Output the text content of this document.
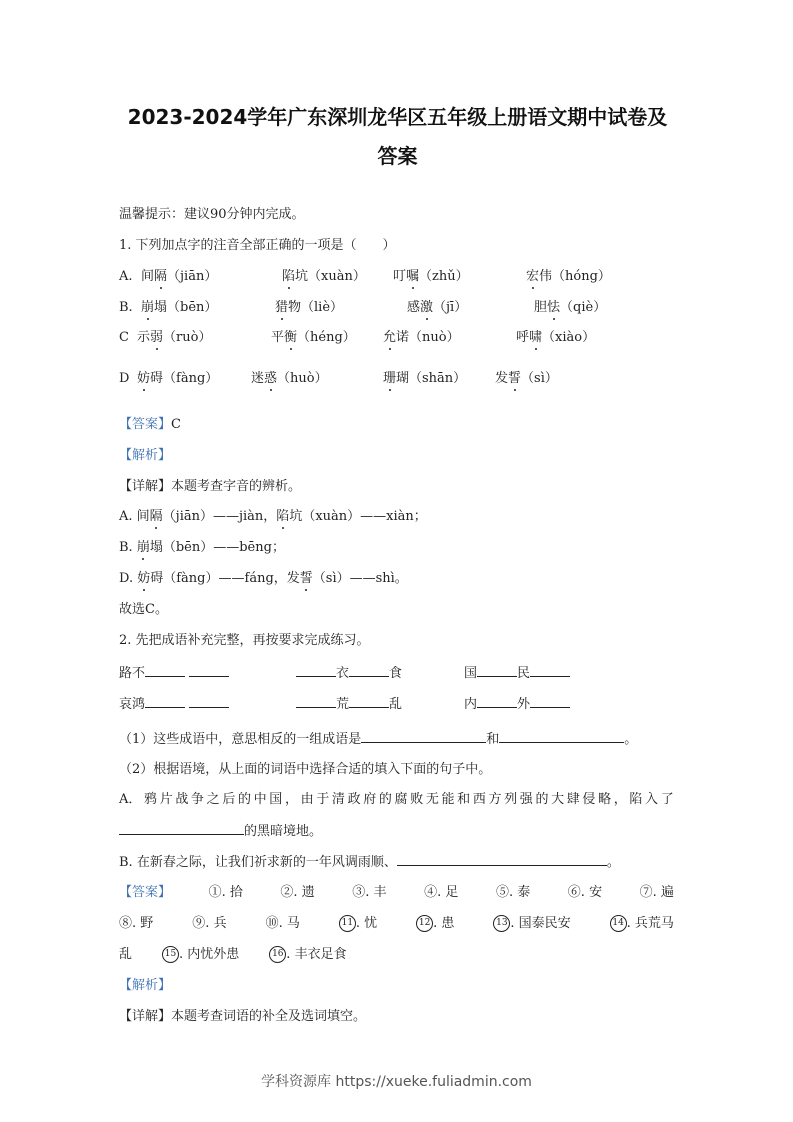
2023-2024学年广东深圳龙华区五年级上册语文期中试卷及
答案
温馨提示：建议90分钟内完成。
1. 下列加点字的注音全部正确的一项是（　　）
A. 间隔（jiān）	陷坑（xuàn） 叮嘱（zhǔ）	宏伟（hóng）
B. 崩塌（bēn）	猎物（liè）	感激（jī）	胆怯（qiè）
C 示弱（ruò）	平衡（héng） 允诺（nuò）	呼啸（xiào）
D 妨碍（fàng）	迷惑（huò）	珊瑚（shān） 发誓（sì）
【答案】C
【解析】
【详解】本题考查字音的辨析。
A. 间隔（jiān）——jiàn，陷坑（xuàn）——xiàn；
B. 崩塌（bēn）——bēng；
D. 妨碍（fàng）——fáng，发誓（sì）——shì。
故选C。
2. 先把成语补充完整，再按要求完成练习。
路不	衣	食	国	民
哀鸿	荒	乱	内	外
（1）这些成语中，意思相反的一组成语是	和	。
（2）根据语境，从上面的词语中选择合适的填入下面的句子中。
A． 鸦 片 战 争 之 后 的 中 国 ， 由 于 清 政 府 的 腐 败 无 能 和 西 方 列 强 的 大 肆 侵 略 ， 陷 入 了
的黑暗境地。
B. 在新春之际，让我们祈求新的一年风调雨顺、	。
【答案】	①. 拾	②. 遗	③. 丰	④. 足	⑤. 泰	⑥. 安	⑦. 遍
⑧. 野	⑨. 兵	⑩. 马	11 . 忧	12 . 患	13 . 国泰民安	14 . 兵荒马
乱	15 . 内忧外患	16 . 丰衣足食
【解析】
【详解】本题考查词语的补全及选词填空。
学科资源库 https://xueke.fuliadmin.com
